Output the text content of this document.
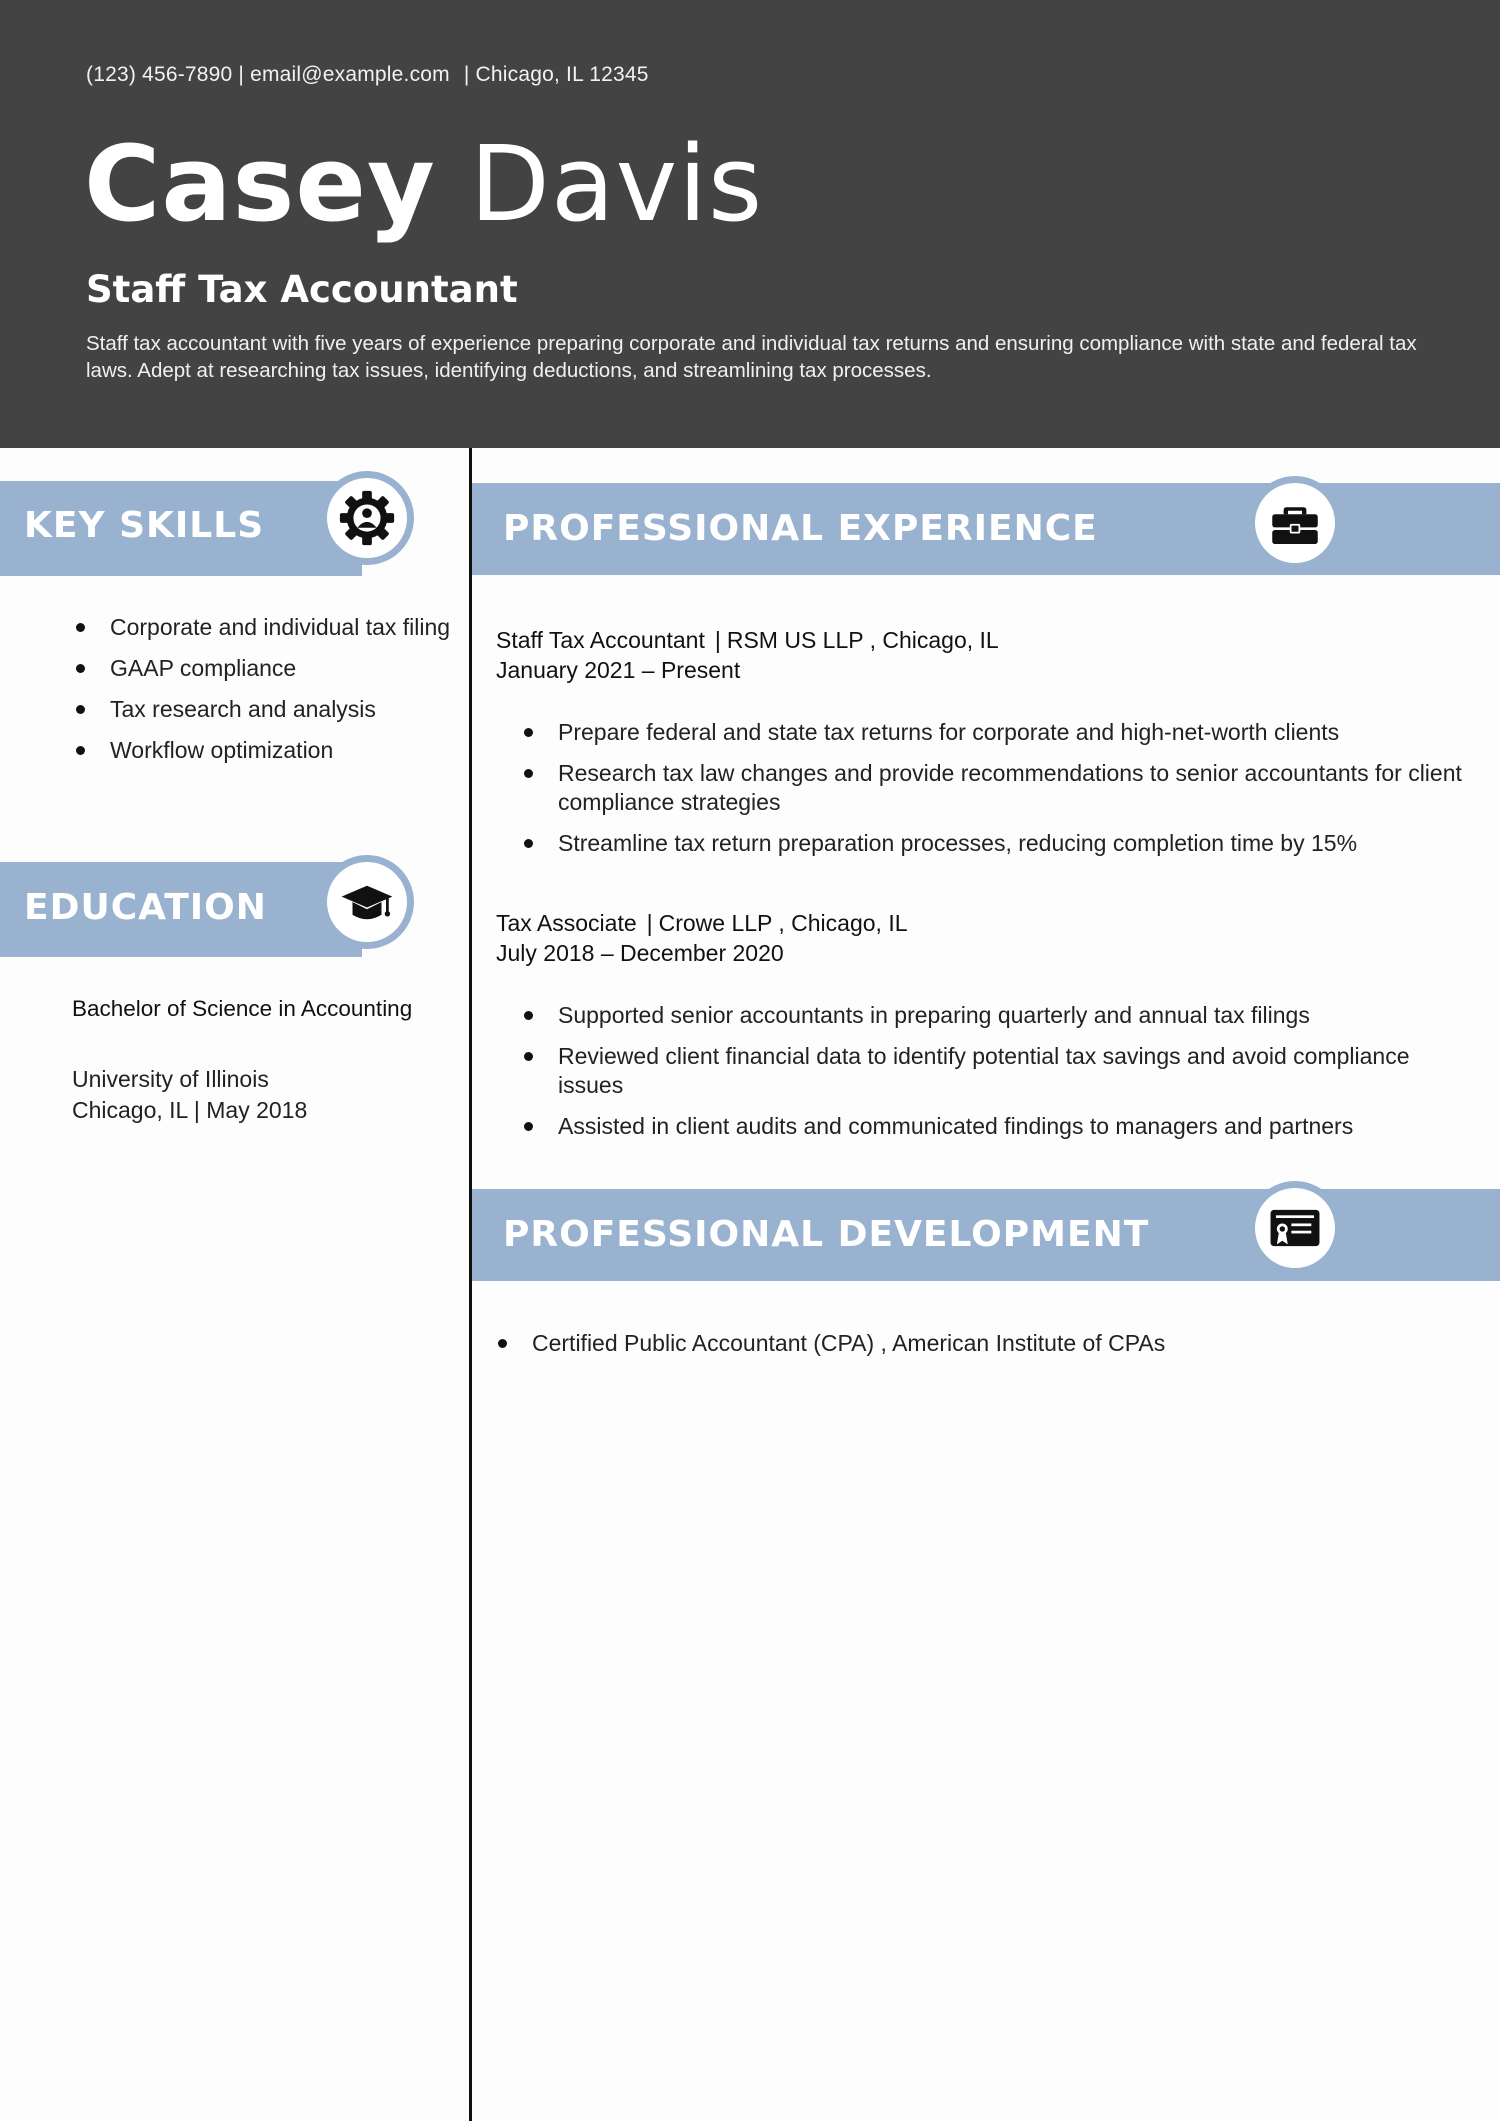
(123) 456-7890 | email@example.com | Chicago, IL 12345
Casey Davis
Staff Tax Accountant
Staff tax accountant with five years of experience preparing corporate and individual tax returns and ensuring compliance with state and federal tax laws. Adept at researching tax issues, identifying deductions, and streamlining tax processes.
KEY SKILLS
Corporate and individual tax filing
GAAP compliance
Tax research and analysis
Workflow optimization
EDUCATION
Bachelor of Science in Accounting
University of Illinois
Chicago, IL | May 2018
PROFESSIONAL EXPERIENCE
Staff Tax Accountant | RSM US LLP , Chicago, IL
January 2021 – Present
Prepare federal and state tax returns for corporate and high-net-worth clients
Research tax law changes and provide recommendations to senior accountants for client compliance strategies
Streamline tax return preparation processes, reducing completion time by 15%
Tax Associate | Crowe LLP , Chicago, IL
July 2018 – December 2020
Supported senior accountants in preparing quarterly and annual tax filings
Reviewed client financial data to identify potential tax savings and avoid compliance issues
Assisted in client audits and communicated findings to managers and partners
PROFESSIONAL DEVELOPMENT
Certified Public Accountant (CPA) , American Institute of CPAs
